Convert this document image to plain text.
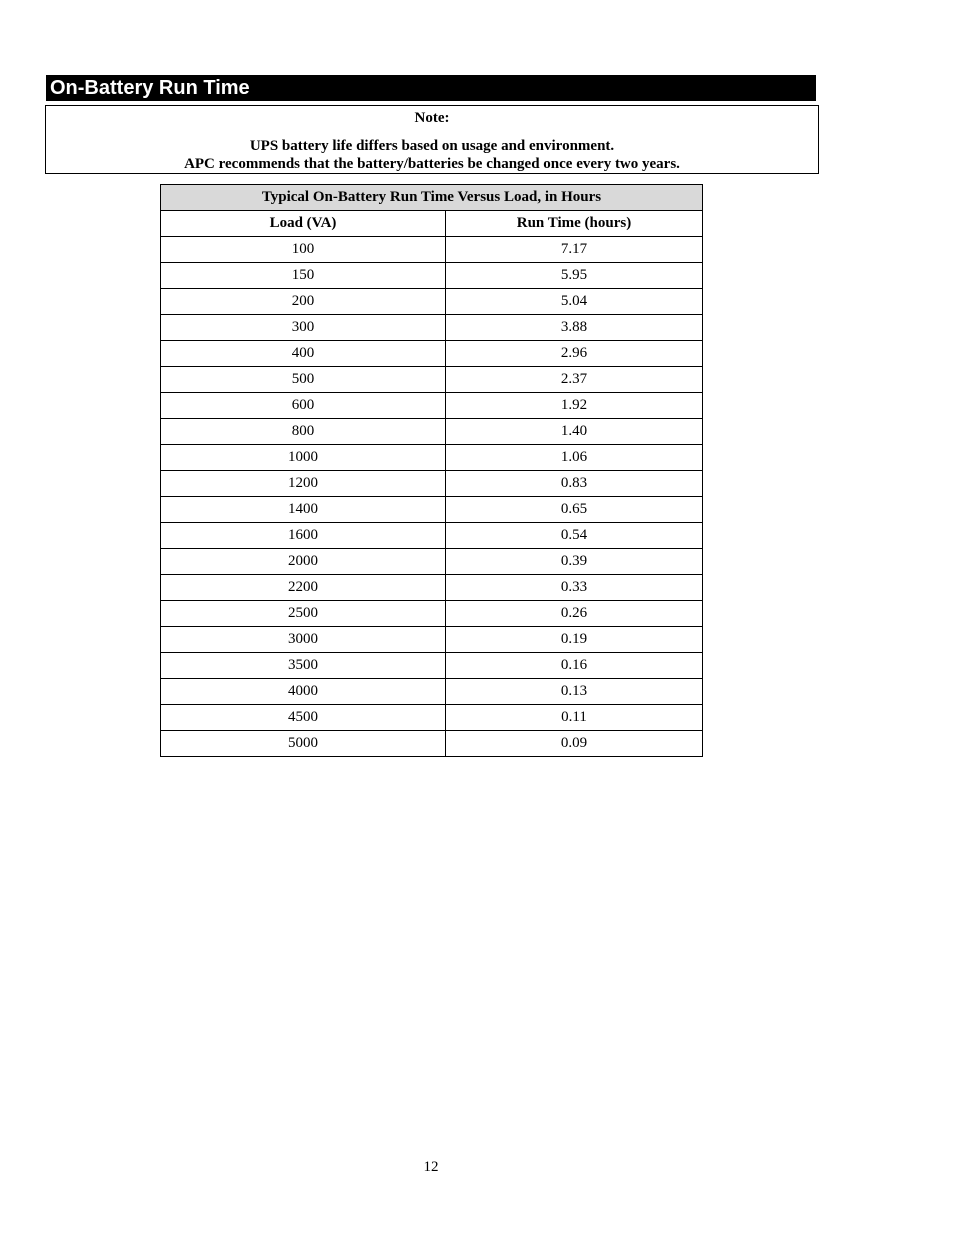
On-Battery Run Time
Note:
UPS battery life differs based on usage and environment.
APC recommends that the battery/batteries be changed once every two years.
Typical On-Battery Run Time Versus Load, in Hours	
Load (VA)	Run Time (hours)
100	7.17
150	5.95
200	5.04
300	3.88
400	2.96
500	2.37
600	1.92
800	1.40
1000	1.06
1200	0.83
1400	0.65
1600	0.54
2000	0.39
2200	0.33
2500	0.26
3000	0.19
3500	0.16
4000	0.13
4500	0.11
5000	0.09
12
